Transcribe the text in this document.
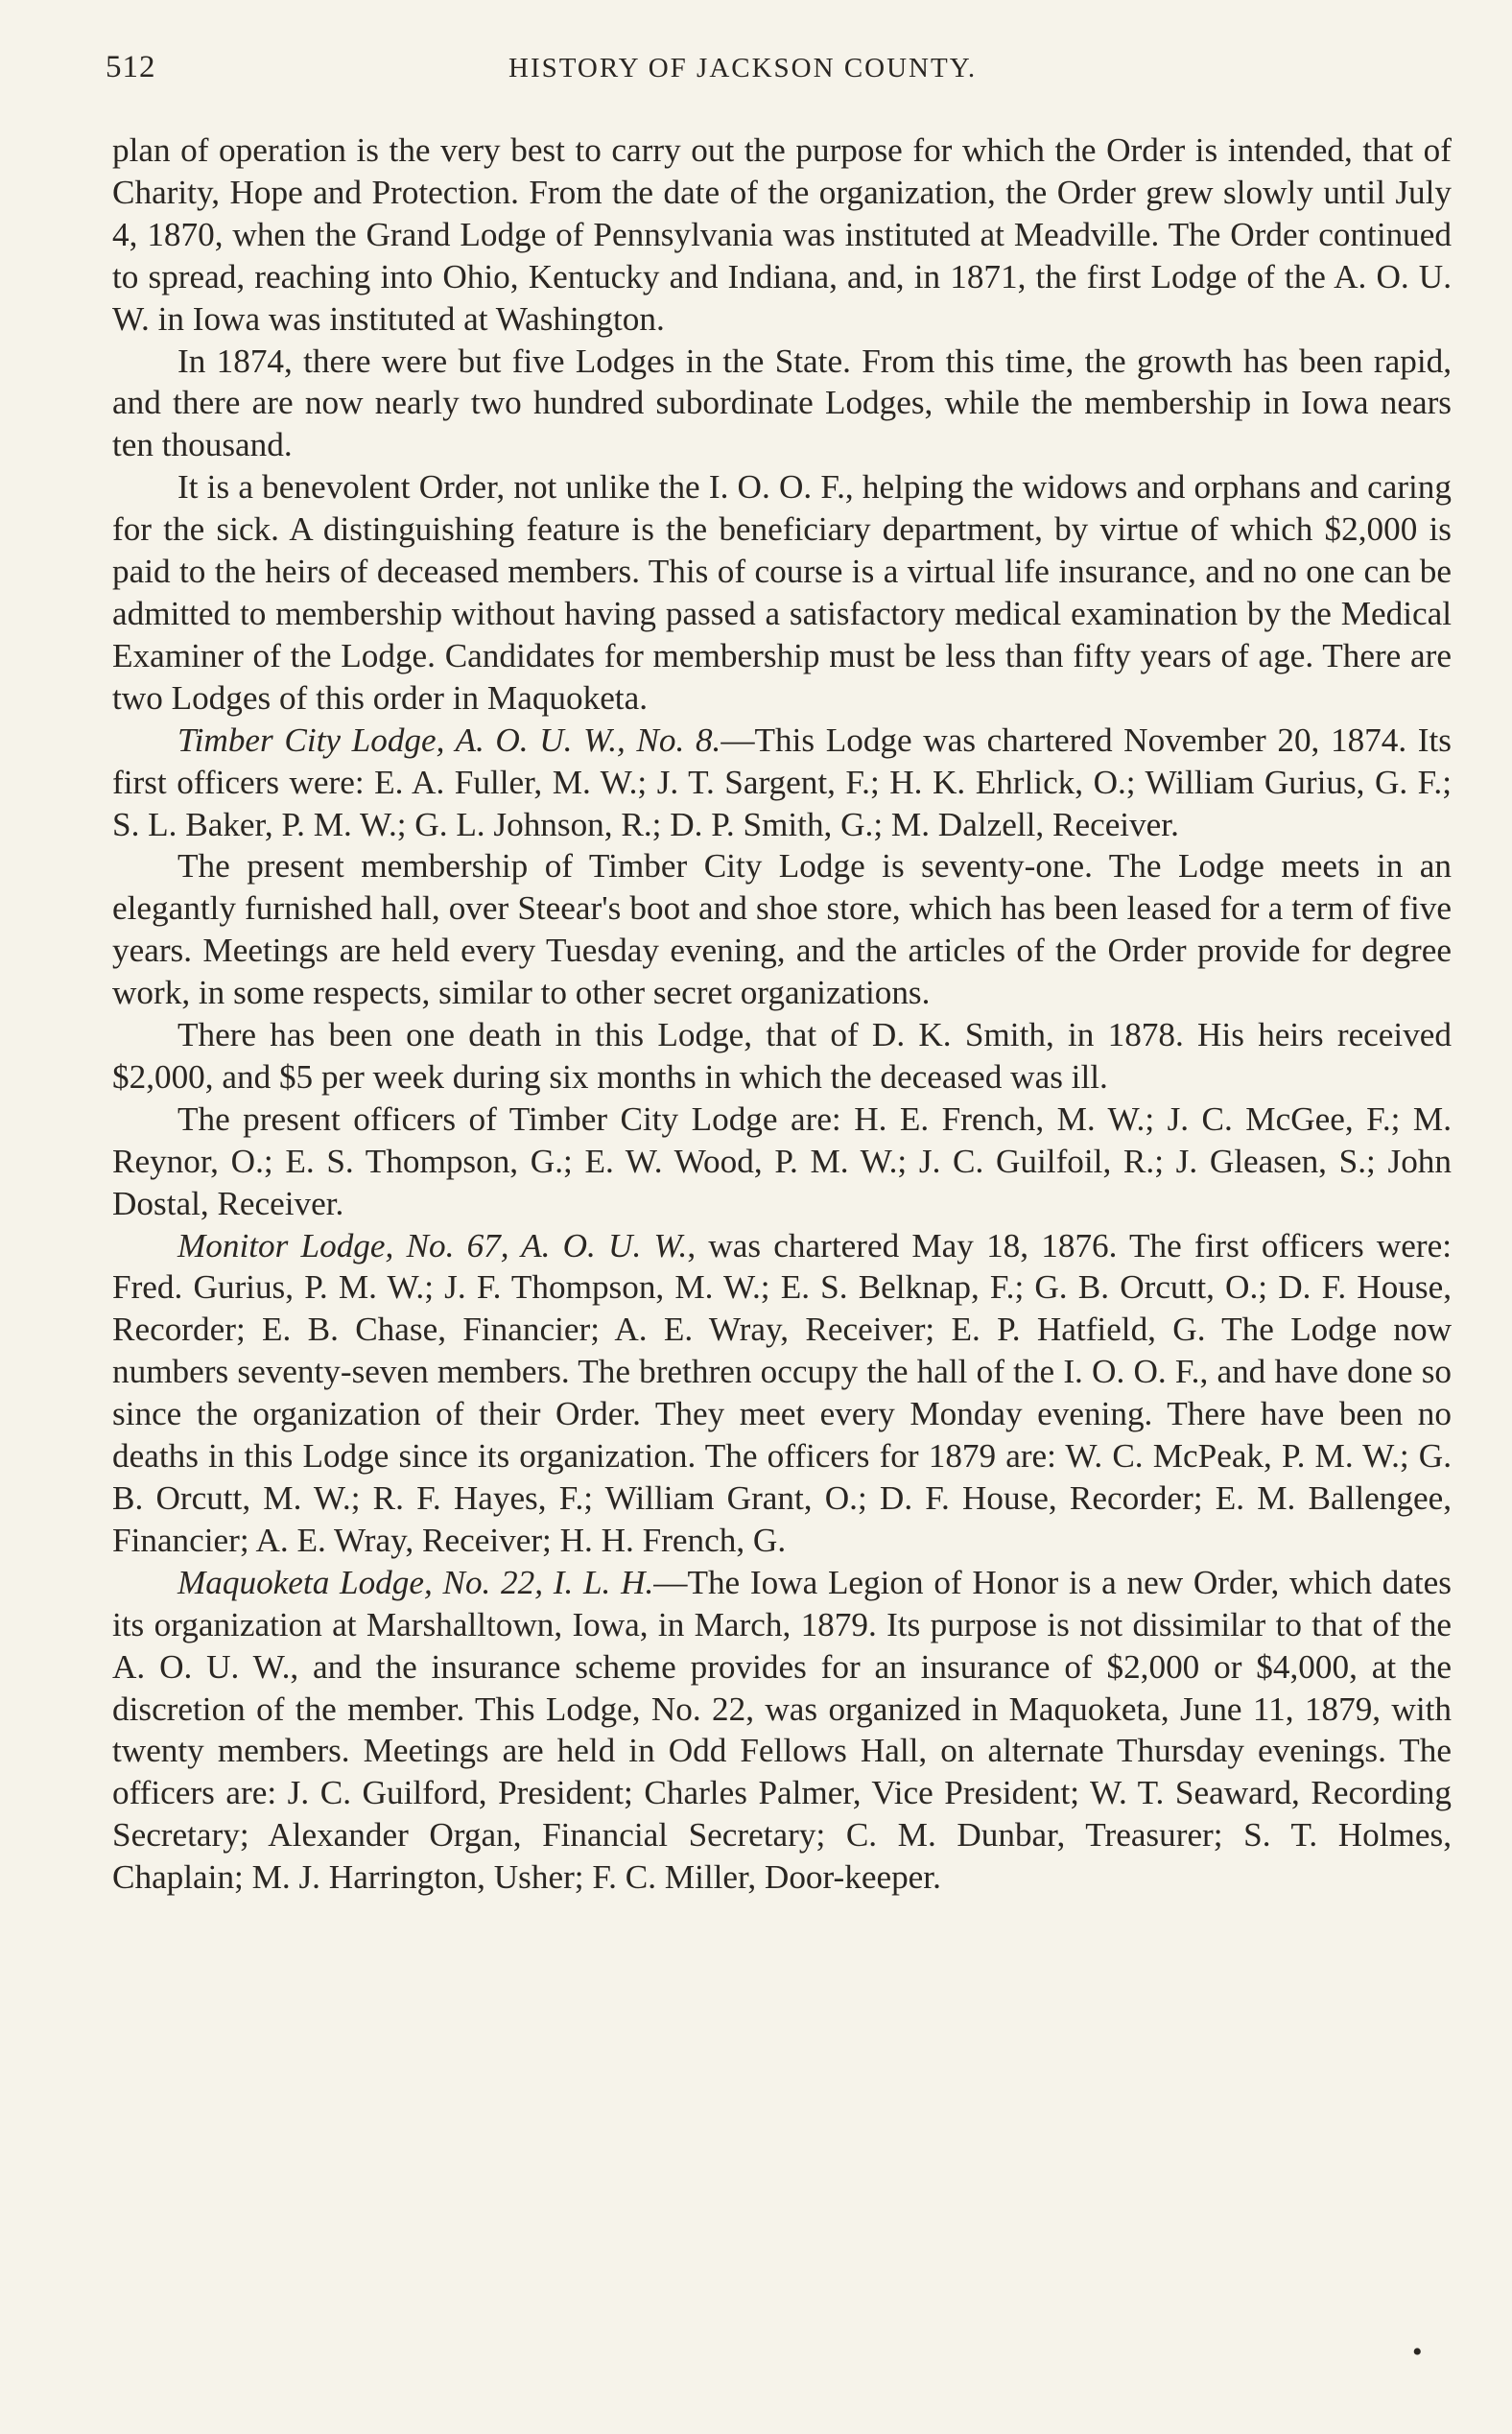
512	HISTORY OF JACKSON COUNTY.

plan of operation is the very best to carry out the purpose for which the Order is intended, that of Charity, Hope and Protection. From the date of the organization, the Order grew slowly until July 4, 1870, when the Grand Lodge of Pennsylvania was instituted at Meadville. The Order continued to spread, reaching into Ohio, Kentucky and Indiana, and, in 1871, the first Lodge of the A. O. U. W. in Iowa was instituted at Washington.

In 1874, there were but five Lodges in the State. From this time, the growth has been rapid, and there are now nearly two hundred subordinate Lodges, while the membership in Iowa nears ten thousand.

It is a benevolent Order, not unlike the I. O. O. F., helping the widows and orphans and caring for the sick. A distinguishing feature is the beneficiary department, by virtue of which $2,000 is paid to the heirs of deceased members. This of course is a virtual life insurance, and no one can be admitted to membership without having passed a satisfactory medical examination by the Medical Examiner of the Lodge. Candidates for membership must be less than fifty years of age. There are two Lodges of this order in Maquoketa.

Timber City Lodge, A. O. U. W., No. 8.—This Lodge was chartered November 20, 1874. Its first officers were: E. A. Fuller, M. W.; J. T. Sargent, F.; H. K. Ehrlick, O.; William Gurius, G. F.; S. L. Baker, P. M. W.; G. L. Johnson, R.; D. P. Smith, G.; M. Dalzell, Receiver.

The present membership of Timber City Lodge is seventy-one. The Lodge meets in an elegantly furnished hall, over Steear's boot and shoe store, which has been leased for a term of five years. Meetings are held every Tuesday evening, and the articles of the Order provide for degree work, in some respects, similar to other secret organizations.

There has been one death in this Lodge, that of D. K. Smith, in 1878. His heirs received $2,000, and $5 per week during six months in which the deceased was ill.

The present officers of Timber City Lodge are: H. E. French, M. W.; J. C. McGee, F.; M. Reynor, O.; E. S. Thompson, G.; E. W. Wood, P. M. W.; J. C. Guilfoil, R.; J. Gleasen, S.; John Dostal, Receiver.

Monitor Lodge, No. 67, A. O. U. W., was chartered May 18, 1876. The first officers were: Fred. Gurius, P. M. W.; J. F. Thompson, M. W.; E. S. Belknap, F.; G. B. Orcutt, O.; D. F. House, Recorder; E. B. Chase, Financier; A. E. Wray, Receiver; E. P. Hatfield, G. The Lodge now numbers seventy-seven members. The brethren occupy the hall of the I. O. O. F., and have done so since the organization of their Order. They meet every Monday evening. There have been no deaths in this Lodge since its organization. The officers for 1879 are: W. C. McPeak, P. M. W.; G. B. Orcutt, M. W.; R. F. Hayes, F.; William Grant, O.; D. F. House, Recorder; E. M. Ballengee, Financier; A. E. Wray, Receiver; H. H. French, G.

Maquoketa Lodge, No. 22, I. L. H.—The Iowa Legion of Honor is a new Order, which dates its organization at Marshalltown, Iowa, in March, 1879. Its purpose is not dissimilar to that of the A. O. U. W., and the insurance scheme provides for an insurance of $2,000 or $4,000, at the discretion of the member. This Lodge, No. 22, was organized in Maquoketa, June 11, 1879, with twenty members. Meetings are held in Odd Fellows Hall, on alternate Thursday evenings. The officers are: J. C. Guilford, President; Charles Palmer, Vice President; W. T. Seaward, Recording Secretary; Alexander Organ, Financial Secretary; C. M. Dunbar, Treasurer; S. T. Holmes, Chaplain; M. J. Harrington, Usher; F. C. Miller, Door-keeper.

•
